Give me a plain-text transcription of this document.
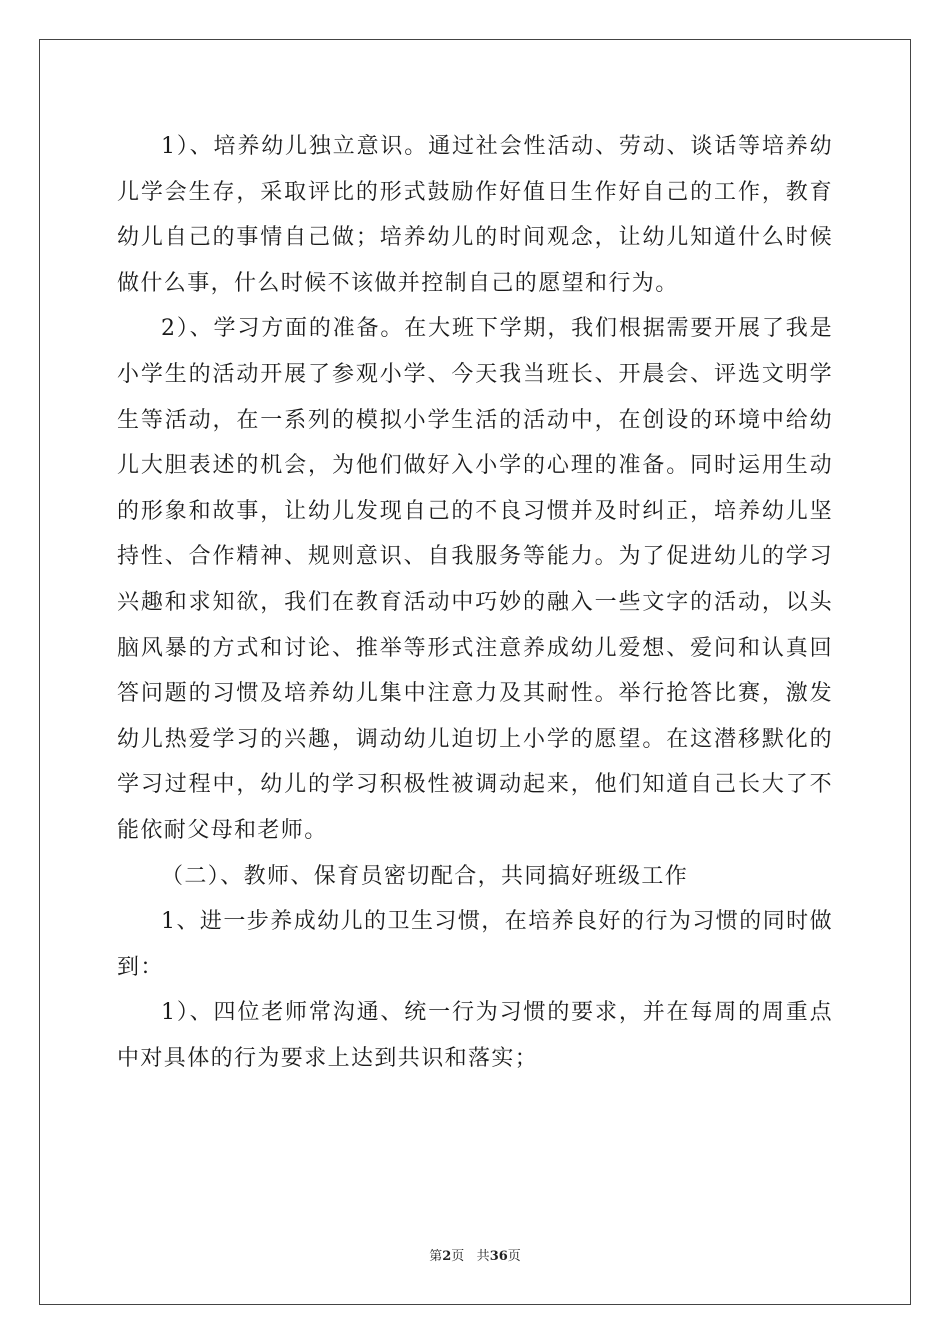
1）、培养幼儿独立意识。通过社会性活动、劳动、谈话等培养幼儿学会生存，采取评比的形式鼓励作好值日生作好自己的工作，教育幼儿自己的事情自己做；培养幼儿的时间观念，让幼儿知道什么时候做什么事，什么时候不该做并控制自己的愿望和行为。

2）、学习方面的准备。在大班下学期，我们根据需要开展了我是小学生的活动开展了参观小学、今天我当班长、开晨会、评选文明学生等活动，在一系列的模拟小学生活的活动中，在创设的环境中给幼儿大胆表述的机会，为他们做好入小学的心理的准备。同时运用生动的形象和故事，让幼儿发现自己的不良习惯并及时纠正，培养幼儿坚持性、合作精神、规则意识、自我服务等能力。为了促进幼儿的学习兴趣和求知欲，我们在教育活动中巧妙的融入一些文字的活动，以头脑风暴的方式和讨论、推举等形式注意养成幼儿爱想、爱问和认真回答问题的习惯及培养幼儿集中注意力及其耐性。举行抢答比赛，激发幼儿热爱学习的兴趣，调动幼儿迫切上小学的愿望。在这潜移默化的学习过程中，幼儿的学习积极性被调动起来，他们知道自己长大了不能依耐父母和老师。

（二）、教师、保育员密切配合，共同搞好班级工作

1、进一步养成幼儿的卫生习惯，在培养良好的行为习惯的同时做到：

1）、四位老师常沟通、统一行为习惯的要求，并在每周的周重点中对具体的行为要求上达到共识和落实；

第2页 共36页
